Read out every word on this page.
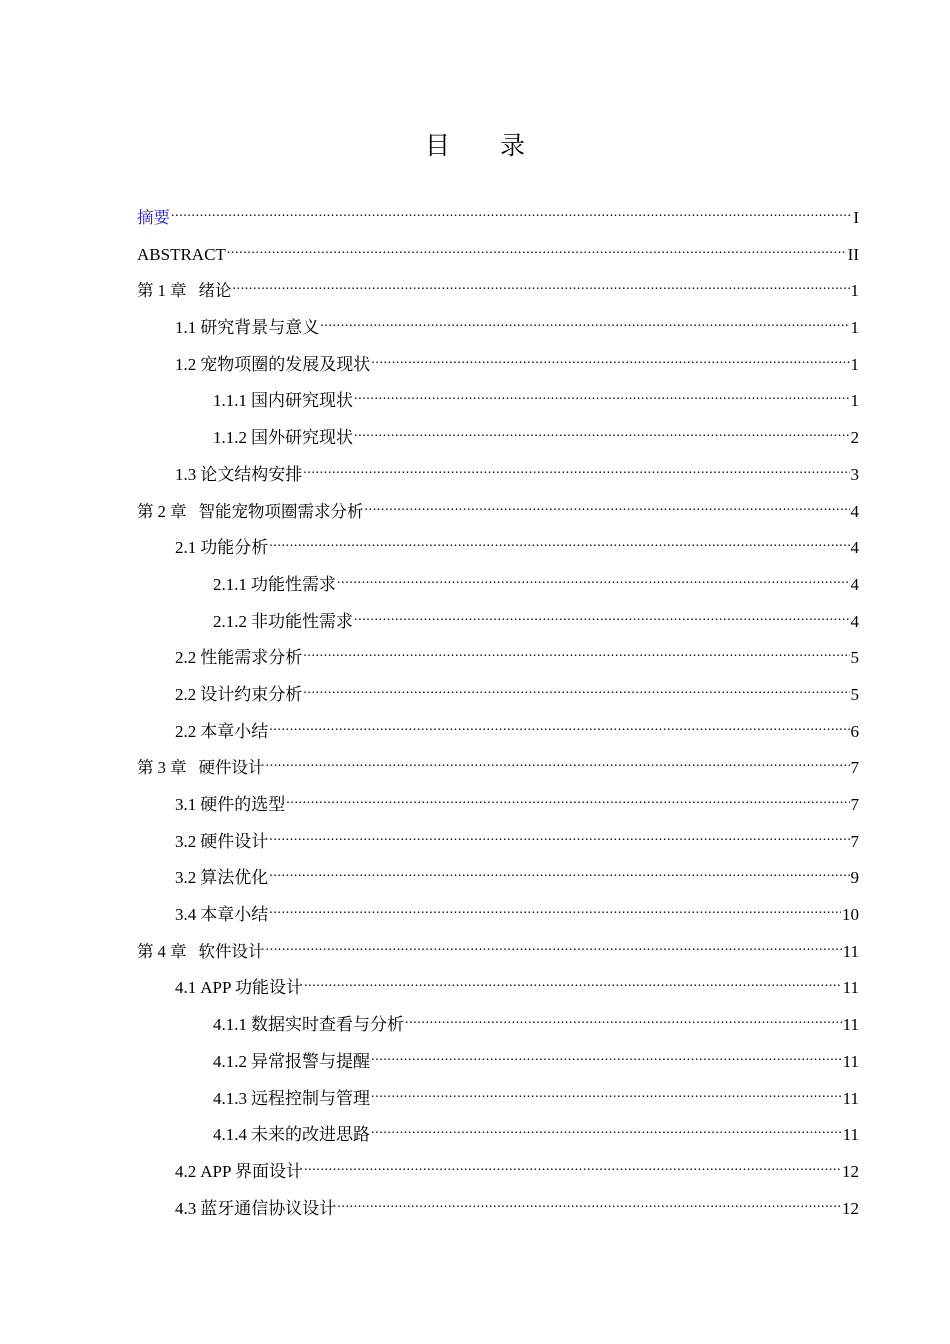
目 录
摘要 .....	I
ABSTRACT .....	II
第 1 章 绪论 .....	1
1.1 研究背景与意义 .....	1
1.2 宠物项圈的发展及现状 .....	1
1.1.1 国内研究现状 .....	1
1.1.2 国外研究现状 .....	2
1.3 论文结构安排 .....	3
第 2 章 智能宠物项圈需求分析 .....	4
2.1 功能分析 .....	4
2.1.1 功能性需求 .....	4
2.1.2 非功能性需求 .....	4
2.2 性能需求分析 .....	5
2.2 设计约束分析 .....	5
2.2 本章小结 .....	6
第 3 章 硬件设计 .....	7
3.1 硬件的选型 .....	7
3.2 硬件设计 .....	7
3.2 算法优化 .....	9
3.4 本章小结 .....	10
第 4 章 软件设计 .....	11
4.1 APP 功能设计 .....	11
4.1.1 数据实时查看与分析 .....	11
4.1.2 异常报警与提醒 .....	11
4.1.3 远程控制与管理 .....	11
4.1.4 未来的改进思路 .....	11
4.2 APP 界面设计 .....	12
4.3 蓝牙通信协议设计 .....	12
